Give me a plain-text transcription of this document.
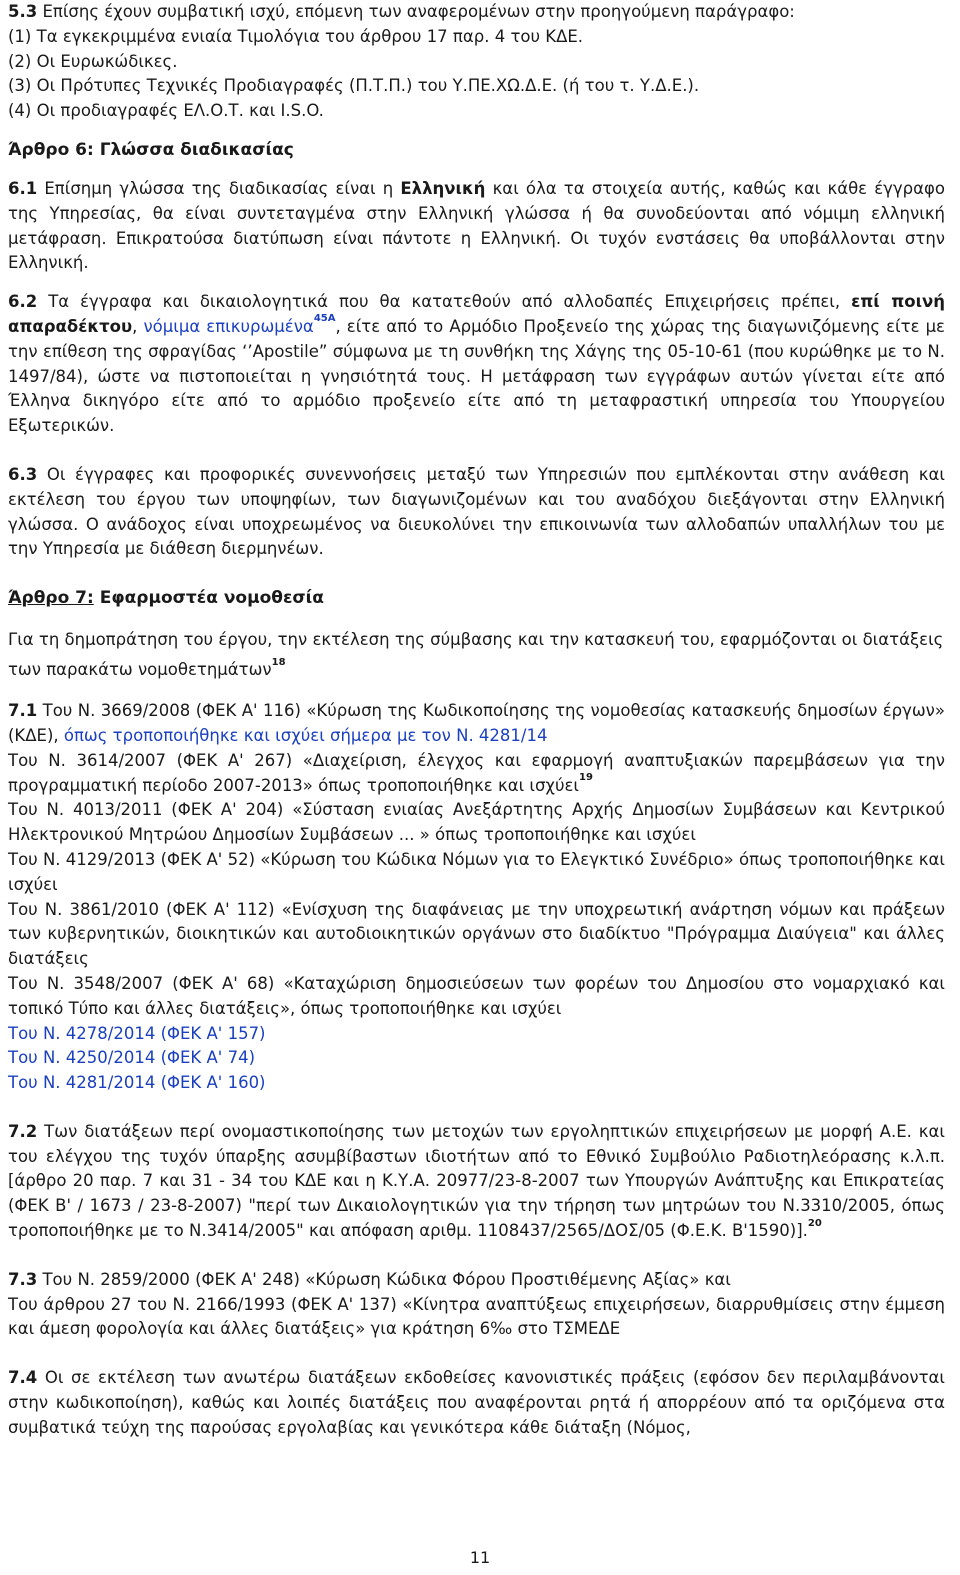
5.3 Επίσης έχουν συμβατική ισχύ, επόμενη των αναφερομένων στην προηγούμενη παράγραφο:

(1) Τα εγκεκριμμένα ενιαία Τιμολόγια του άρθρου 17 παρ. 4 του ΚΔΕ.

(2) Οι Ευρωκώδικες.

(3) Οι Πρότυπες Τεχνικές Προδιαγραφές (Π.Τ.Π.) του Υ.ΠΕ.ΧΩ.Δ.Ε. (ή του τ. Υ.Δ.Ε.).

(4) Οι προδιαγραφές ΕΛ.Ο.Τ. και I.S.O.

Άρθρο 6: Γλώσσα διαδικασίας

6.1 Επίσημη γλώσσα της διαδικασίας είναι η Ελληνική και όλα τα στοιχεία αυτής, καθώς και κάθε έγγραφο της Υπηρεσίας, θα είναι συντεταγμένα στην Ελληνική γλώσσα ή θα συνοδεύονται από νόμιμη ελληνική μετάφραση. Επικρατούσα διατύπωση είναι πάντοτε η Ελληνική. Οι τυχόν ενστάσεις θα υποβάλλονται στην Ελληνική.

6.2 Τα έγγραφα και δικαιολογητικά που θα κατατεθούν από αλλοδαπές Επιχειρήσεις πρέπει, επί ποινή απαραδέκτου, νόμιμα επικυρωμένα$^{45A}$, είτε από το Αρμόδιο Προξενείο της χώρας της διαγωνιζόμενης είτε με την επίθεση της σφραγίδας ‘’Apostile” σύμφωνα με τη συνθήκη της Χάγης της 05-10-61 (που κυρώθηκε με το Ν. 1497/84), ώστε να πιστοποιείται η γνησιότητά τους. Η μετάφραση των εγγράφων αυτών γίνεται είτε από Έλληνα δικηγόρο είτε από το αρμόδιο προξενείο είτε από τη μεταφραστική υπηρεσία του Υπουργείου Εξωτερικών.

6.3 Οι έγγραφες και προφορικές συνεννοήσεις μεταξύ των Υπηρεσιών που εμπλέκονται στην ανάθεση και εκτέλεση του έργου των υποψηφίων, των διαγωνιζομένων και του αναδόχου διεξάγονται στην Ελληνική γλώσσα. Ο ανάδοχος είναι υποχρεωμένος να διευκολύνει την επικοινωνία των αλλοδαπών υπαλλήλων του με την Υπηρεσία με διάθεση διερμηνέων.

Άρθρο 7: Εφαρμοστέα νομοθεσία

Για τη δημοπράτηση του έργου, την εκτέλεση της σύμβασης και την κατασκευή του, εφαρμόζονται οι διατάξεις των παρακάτω νομοθετημάτων$^{18}$

7.1 Του Ν. 3669/2008 (ΦΕΚ Α' 116) «Κύρωση της Κωδικοποίησης της νομοθεσίας κατασκευής δημοσίων έργων» (ΚΔΕ), όπως τροποποιήθηκε και ισχύει σήμερα με τον Ν. 4281/14

Του Ν. 3614/2007 (ΦΕΚ Α' 267) «Διαχείριση, έλεγχος και εφαρμογή αναπτυξιακών παρεμβάσεων για την προγραμματική περίοδο 2007-2013» όπως τροποποιήθηκε και ισχύει$^{19}$

Του Ν. 4013/2011 (ΦΕΚ Α' 204) «Σύσταση ενιαίας Ανεξάρτητης Αρχής Δημοσίων Συμβάσεων και Κεντρικού Ηλεκτρονικού Μητρώου Δημοσίων Συμβάσεων ... » όπως τροποποιήθηκε και ισχύει

Του Ν. 4129/2013 (ΦΕΚ Α' 52) «Κύρωση του Κώδικα Νόμων για το Ελεγκτικό Συνέδριο» όπως τροποποιήθηκε και ισχύει

Του Ν. 3861/2010 (ΦΕΚ Α' 112) «Ενίσχυση της διαφάνειας με την υποχρεωτική ανάρτηση νόμων και πράξεων των κυβερνητικών, διοικητικών και αυτοδιοικητικών οργάνων στο διαδίκτυο "Πρόγραμμα Διαύγεια" και άλλες διατάξεις

Του Ν. 3548/2007 (ΦΕΚ Α' 68) «Καταχώριση δημοσιεύσεων των φορέων του Δημοσίου στο νομαρχιακό και τοπικό Τύπο και άλλες διατάξεις», όπως τροποποιήθηκε και ισχύει

Του Ν. 4278/2014 (ΦΕΚ Α' 157)

Του Ν. 4250/2014 (ΦΕΚ Α' 74)

Του Ν. 4281/2014 (ΦΕΚ Α' 160)

7.2 Των διατάξεων περί ονομαστικοποίησης των μετοχών των εργοληπτικών επιχειρήσεων με μορφή Α.Ε. και του ελέγχου της τυχόν ύπαρξης ασυμβίβαστων ιδιοτήτων από το Εθνικό Συμβούλιο Ραδιοτηλεόρασης κ.λ.π. [άρθρο 20 παρ. 7 και 31 - 34 του ΚΔΕ και η Κ.Υ.Α. 20977/23-8-2007 των Υπουργών Ανάπτυξης και Επικρατείας (ΦΕΚ Β' / 1673 / 23-8-2007) "περί των Δικαιολογητικών για την τήρηση των μητρώων του Ν.3310/2005, όπως τροποποιήθηκε με το Ν.3414/2005" και απόφαση αριθμ. 1108437/2565/ΔΟΣ/05 (Φ.Ε.Κ. Β'1590)].$^{20}$

7.3 Του Ν. 2859/2000 (ΦΕΚ Α' 248) «Κύρωση Κώδικα Φόρου Προστιθέμενης Αξίας» και

Του άρθρου 27 του Ν. 2166/1993 (ΦΕΚ Α' 137) «Κίνητρα αναπτύξεως επιχειρήσεων, διαρρυθμίσεις στην έμμεση και άμεση φορολογία και άλλες διατάξεις» για κράτηση 6‰ στο ΤΣΜΕΔΕ

7.4 Οι σε εκτέλεση των ανωτέρω διατάξεων εκδοθείσες κανονιστικές πράξεις (εφόσον δεν περιλαμβάνονται στην κωδικοποίηση), καθώς και λοιπές διατάξεις που αναφέρονται ρητά ή απορρέουν από τα οριζόμενα στα συμβατικά τεύχη της παρούσας εργολαβίας και γενικότερα κάθε διάταξη (Νόμος,

11
